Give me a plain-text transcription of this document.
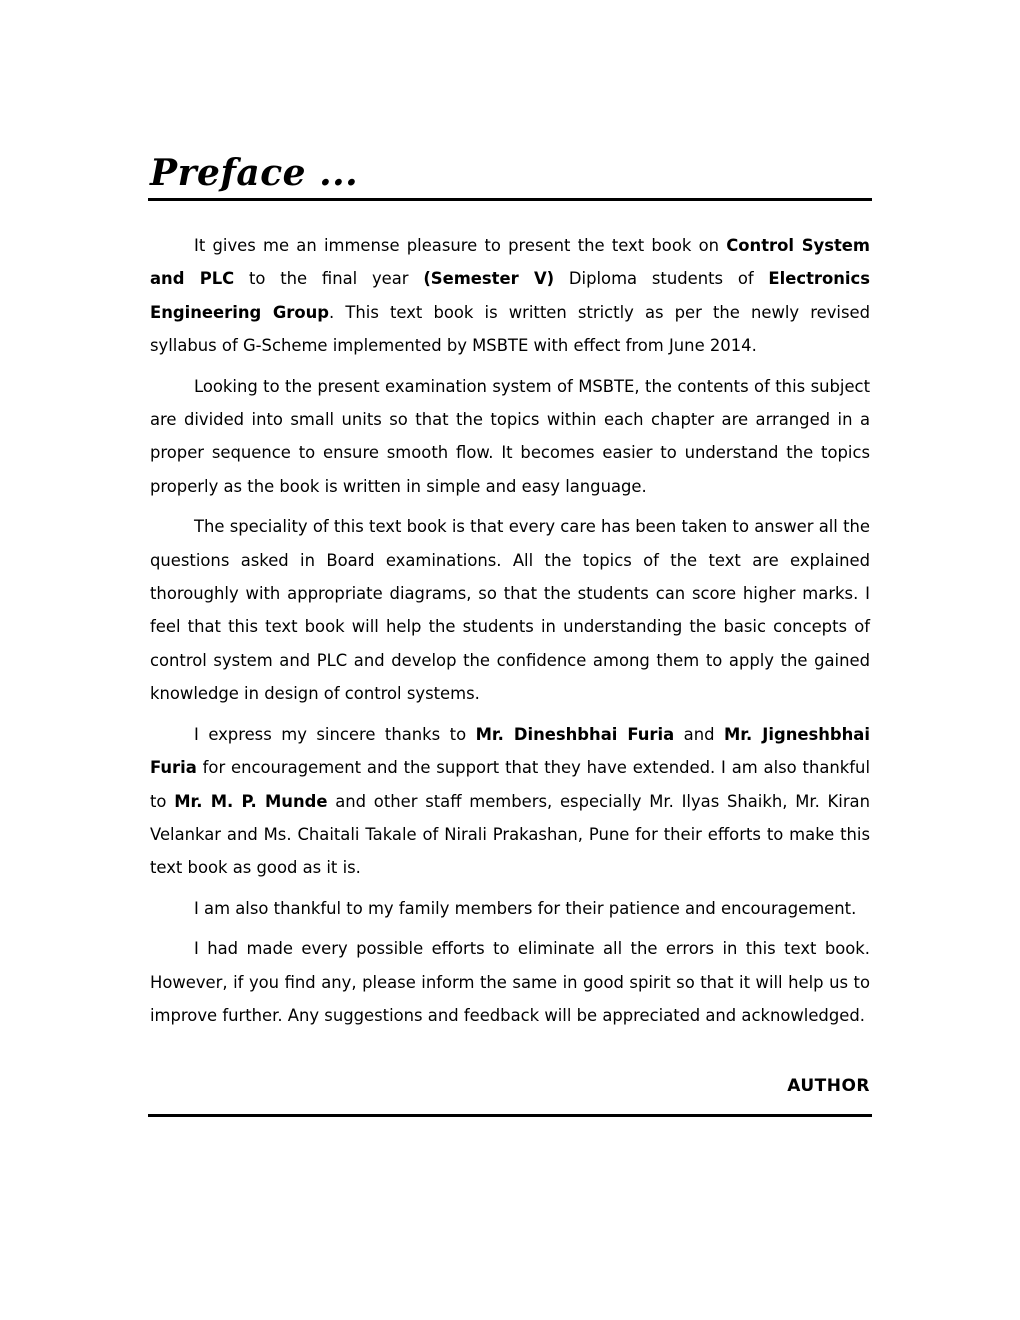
Preface ...

It gives me an immense pleasure to present the text book on Control System and PLC to the final year (Semester V) Diploma students of Electronics Engineering Group. This text book is written strictly as per the newly revised syllabus of G-Scheme implemented by MSBTE with effect from June 2014.

Looking to the present examination system of MSBTE, the contents of this subject are divided into small units so that the topics within each chapter are arranged in a proper sequence to ensure smooth flow. It becomes easier to understand the topics properly as the book is written in simple and easy language.

The speciality of this text book is that every care has been taken to answer all the questions asked in Board examinations. All the topics of the text are explained thoroughly with appropriate diagrams, so that the students can score higher marks. I feel that this text book will help the students in understanding the basic concepts of control system and PLC and develop the confidence among them to apply the gained knowledge in design of control systems.

I express my sincere thanks to Mr. Dineshbhai Furia and Mr. Jigneshbhai Furia for encouragement and the support that they have extended. I am also thankful to Mr. M. P. Munde and other staff members, especially Mr. Ilyas Shaikh, Mr. Kiran Velankar and Ms. Chaitali Takale of Nirali Prakashan, Pune for their efforts to make this text book as good as it is.

I am also thankful to my family members for their patience and encouragement.

I had made every possible efforts to eliminate all the errors in this text book. However, if you find any, please inform the same in good spirit so that it will help us to improve further. Any suggestions and feedback will be appreciated and acknowledged.

AUTHOR
